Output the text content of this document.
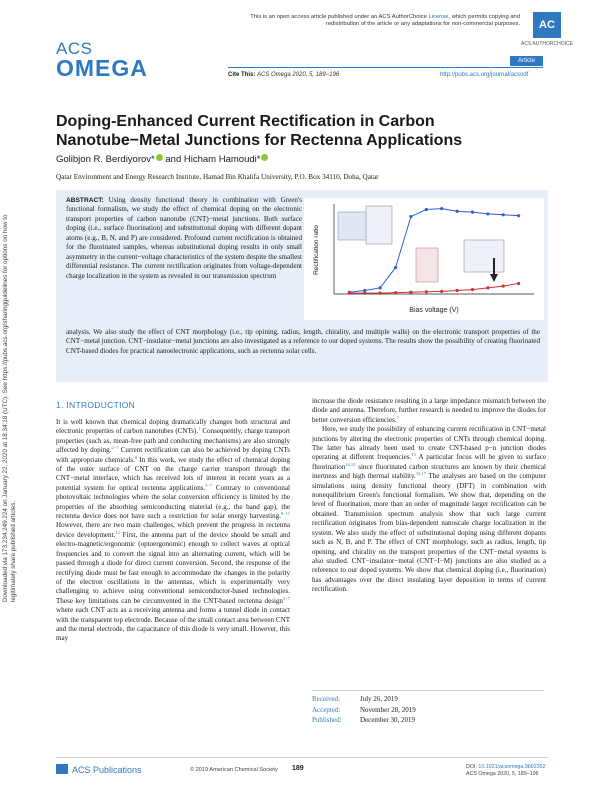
Downloaded via 173.234.249.224 on January 22, 2020 at 18:34:18 (UTC). See https://pubs.acs.org/sharingguidelines for options on how to legitimately share published articles.
This is an open access article published under an ACS AuthorChoice License, which permits copying and redistribution of the article or any adaptations for non-commercial purposes.	AC
ACS AUTHORCHOICE
ACS
OMEGA	Article
Cite This: ACS Omega 2020, 5, 189−196	http://pubs.acs.org/journal/acsodf
Doping-Enhanced Current Rectification in Carbon Nanotube−Metal Junctions for Rectenna Applications
Golibjon R. Berdiyorov* and Hicham Hamoudi*
Qatar Environment and Energy Research Institute, Hamad Bin Khalifa University, P.O. Box 34110, Doha, Qatar
ABSTRACT: Using density functional theory in combination with Green's functional formalism, we study the effect of chemical doping on the electronic transport properties of carbon nanotube (CNT)−metal junctions. Both surface doping (i.e., surface fluorination) and substitutional doping with different dopant atoms (e.g., B, N, and P) are considered. Profound current rectification is obtained for the fluorinated samples, whereas substitutional doping results in only small asymmetry in the current−voltage characteristics of the system despite the smallest differential resistance. The current rectification originates from voltage-dependent charge localization in the system as revealed in our transmission spectrum
Bias voltage (V)
Rectification ratio
analysis. We also study the effect of CNT morphology (i.e., tip opining, radius, length, chirality, and multiple walls) on the electronic transport properties of the CNT−metal junction. CNT−insulator−metal junctions are also investigated as a reference to our doped systems. The results show the possibility of creating fluorinated CNT-based diodes for practical nanoelectronic applications, such as rectenna solar cells.
1. INTRODUCTION

It is well known that chemical doping dramatically changes both structural and electronic properties of carbon nanotubes (CNTs).$^1$ Consequently, charge transport properties (such as, mean-free path and conducting mechanisms) are also strongly affected by doping.$^{2-7}$ Current rectification can also be achieved by doping CNTs with appropriate chemicals.$^8$ In this work, we study the effect of chemical doping of the outer surface of CNT on the charge carrier transport through the CNT−metal interface, which has received lots of interest in recent years as a potential system for optical rectenna applications.$^{5-7}$ Contrary to conventional photovoltaic technologies where the solar conversion efficiency is limited by the properties of the absorbing semiconducting material (e.g., the band gap), the rectenna device does not have such a restriction for solar energy harvesting.$^{8-11}$ However, there are two main challenges, which prevent the progress in rectenna device development.$^{12}$ First, the antenna part of the device should be small and electro-magnetic/ergonomic (optoergonomic) enough to collect waves at optical frequencies and to convert the signal into an alternating current, which will be passed through a diode for direct current conversion. Second, the response of the rectifying diode must be fast enough to accommodate the changes in the polarity of the electron oscillations in the antennas, which is experimentally very challenging to achieve using conventional semiconductor-based technologies. These key limitations can be circumvented in the CNT-based rectenna design$^{5-7}$ where each CNT acts as a receiving antenna and forms a tunnel diode in contact with the transparent top electrode. Because of the small contact area between CNT and the metal electrode, the capacitance of this diode is very small. However, this may

increase the diode resistance resulting in a large impedance mismatch between the diode and antenna. Therefore, further research is needed to improve the diodes for better conversion efficiencies.$^7$

Here, we study the possibility of enhancing current rectification in CNT−metal junctions by altering the electronic properties of CNTs through chemical doping. The latter has already been used to create CNT-based p−n junction diodes operating at different frequencies.$^{13}$ A particular focus will be given to surface fluorination$^{14,15}$ since fluorinated carbon structures are known by their chemical inertness and high thermal stability.$^{16,17}$ The analyses are based on the computer simulations using density functional theory (DFT) in combination with nonequilibrium Green's functional formalism. We show that, depending on the level of fluorination, more than an order of magnitude larger rectification can be obtained. Transmission spectrum analysis show that such large current rectification originates from bias-dependent nanoscale charge localization in the system. We also study the effect of substitutional doping using different dopants such as N, B, and P. The effect of CNT morphology, such as radius, length, tip opening, and chirality on the transport properties of the CNT−metal systems is also studied. CNT−insulator−metal (CNT−I−M) junctions are also studied as a reference to our doped systems. We show that chemical doping (i.e., fluorination) has advantages over the direct insulating layer deposition in terms of current rectification.

Received:	July 26, 2019
Accepted:	November 28, 2019
Published:	December 30, 2019
ACS Publications	© 2019 American Chemical Society 189	DOI: 10.1021/acsomega.9b02352
ACS Omega 2020, 5, 189−196
